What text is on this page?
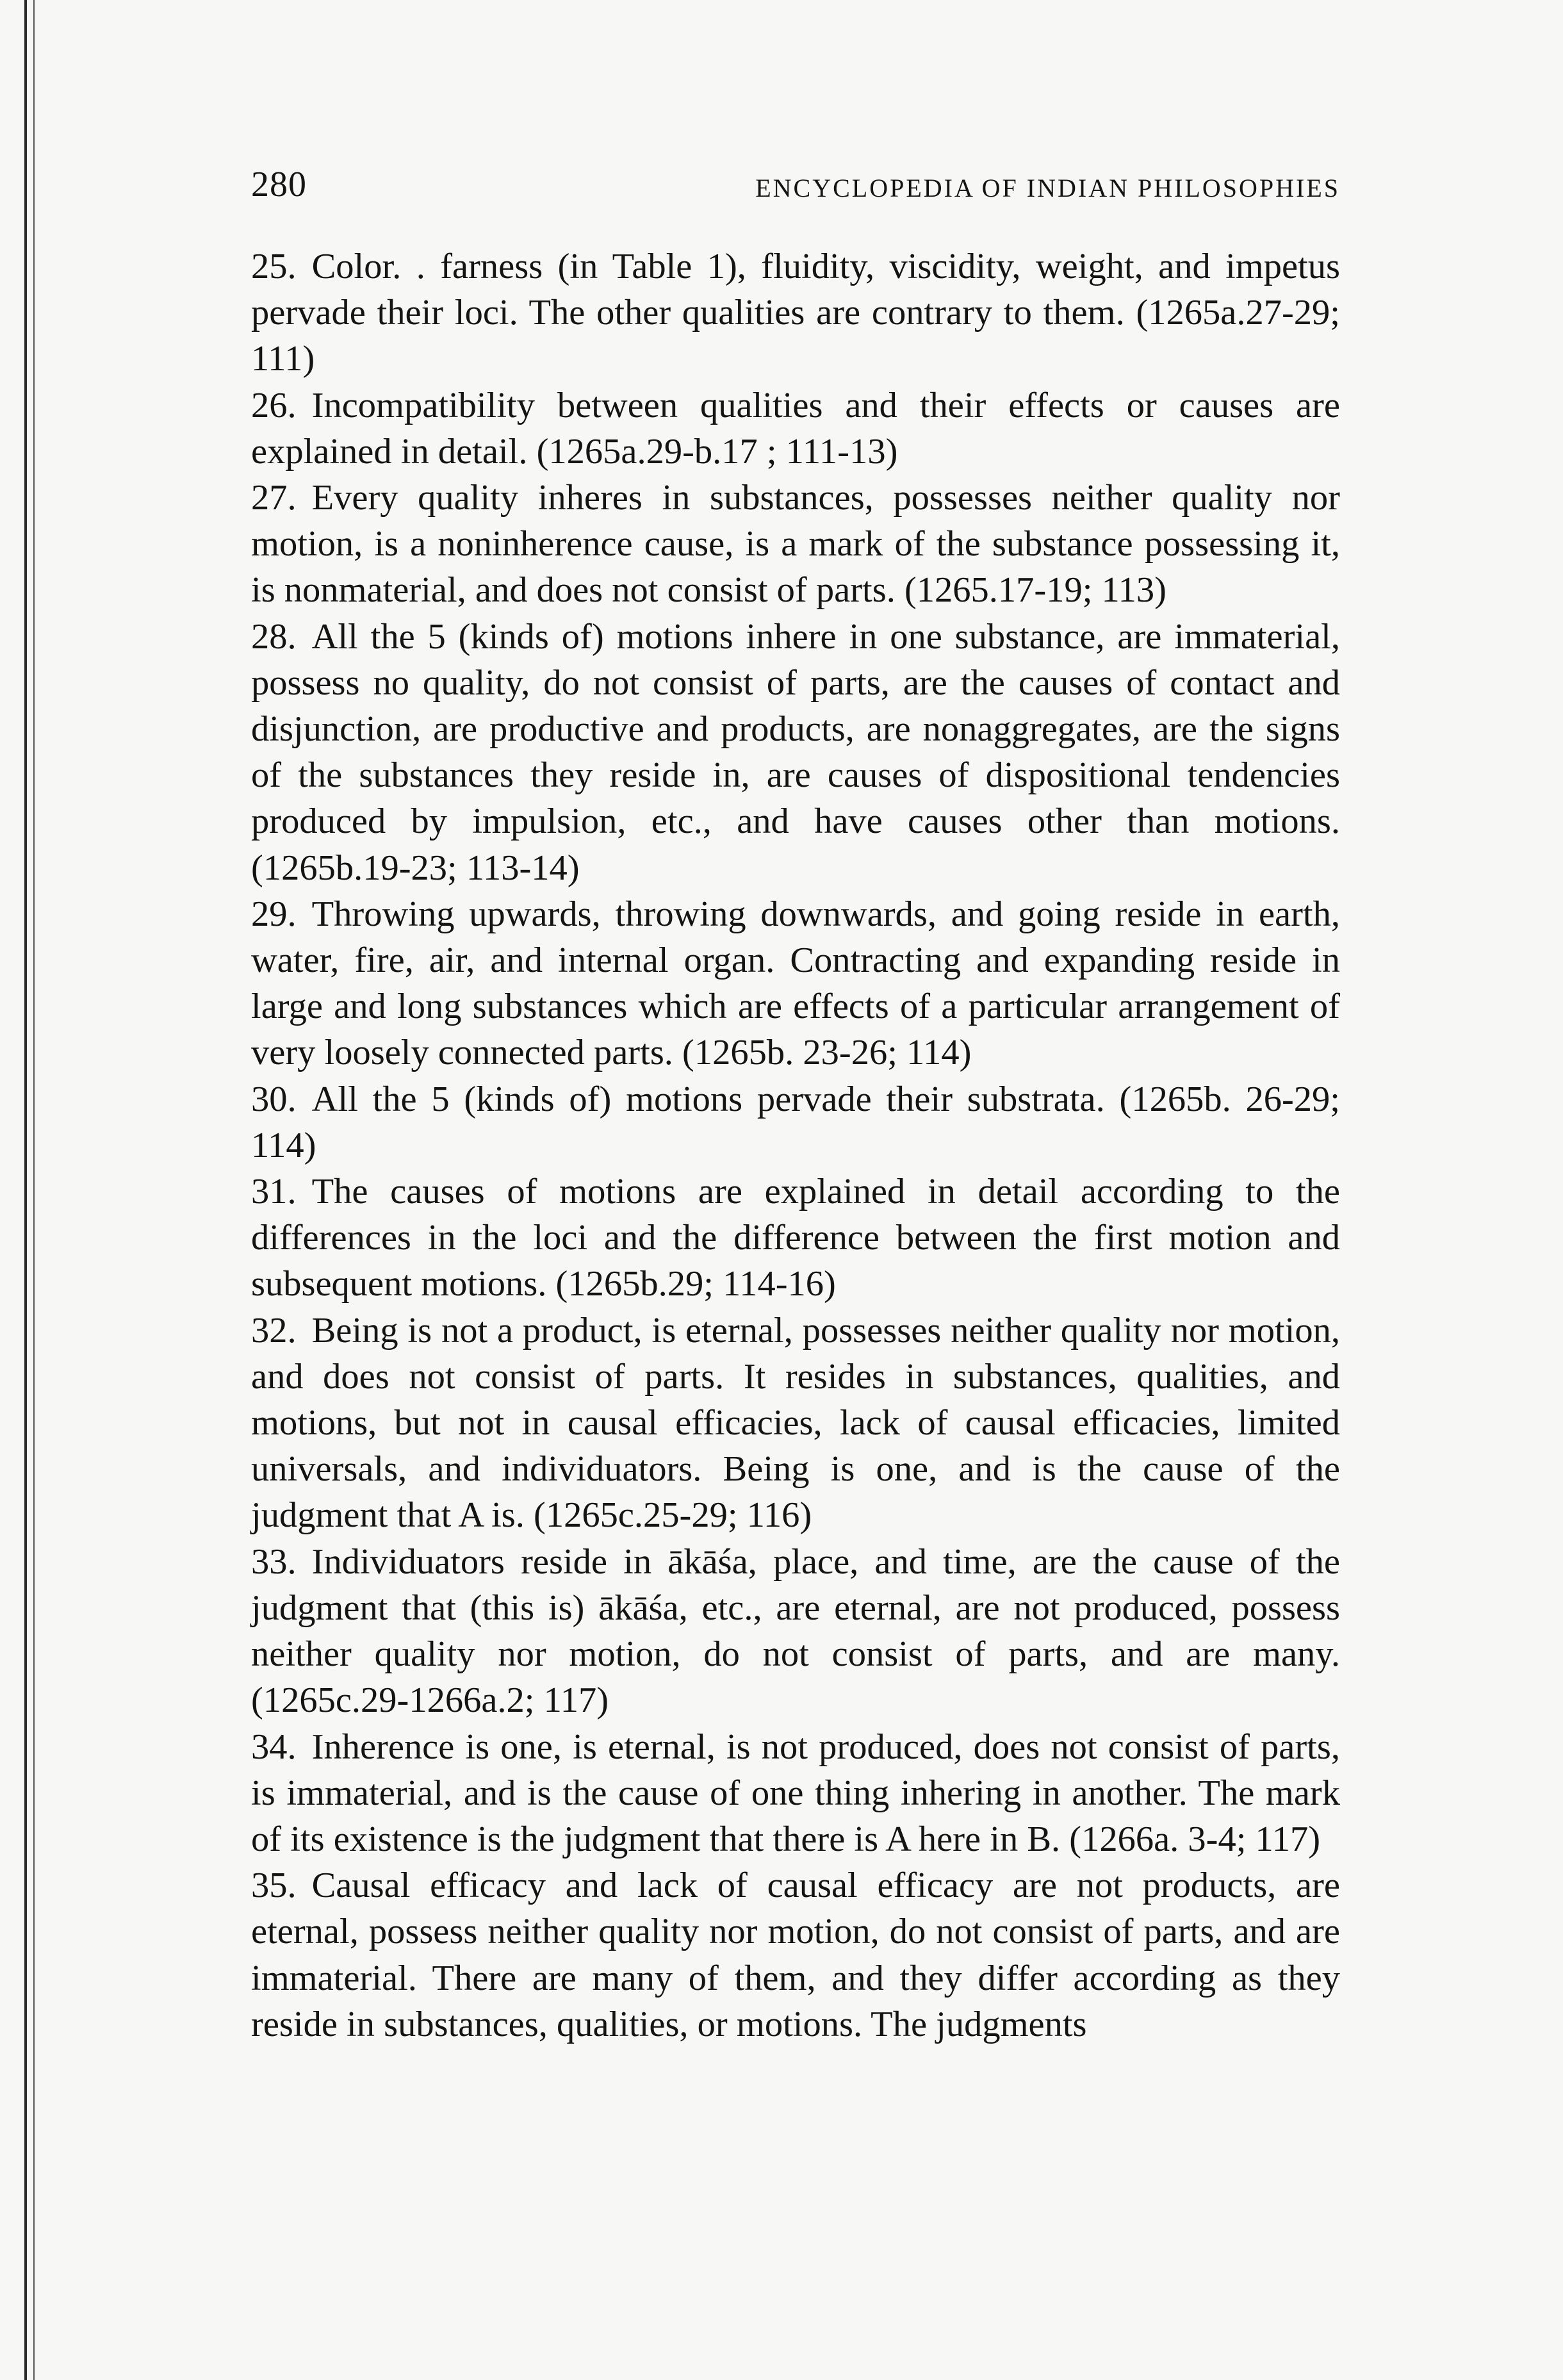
280	ENCYCLOPEDIA OF INDIAN PHILOSOPHIES

25. Color. . farness (in Table 1), fluidity, viscidity, weight, and impetus pervade their loci. The other qualities are contrary to them. (1265a.27-29; 111)

26. Incompatibility between qualities and their effects or causes are explained in detail. (1265a.29-b.17 ; 111-13)

27. Every quality inheres in substances, possesses neither quality nor motion, is a noninherence cause, is a mark of the substance possessing it, is nonmaterial, and does not consist of parts. (1265.17-19; 113)

28. All the 5 (kinds of) motions inhere in one substance, are immaterial, possess no quality, do not consist of parts, are the causes of contact and disjunction, are productive and products, are nonaggregates, are the signs of the substances they reside in, are causes of dispositional tendencies produced by impulsion, etc., and have causes other than motions. (1265b.19-23; 113-14)

29. Throwing upwards, throwing downwards, and going reside in earth, water, fire, air, and internal organ. Contracting and expanding reside in large and long substances which are effects of a particular arrangement of very loosely connected parts. (1265b. 23-26; 114)

30. All the 5 (kinds of) motions pervade their substrata. (1265b. 26-29; 114)

31. The causes of motions are explained in detail according to the differences in the loci and the difference between the first motion and subsequent motions. (1265b.29; 114-16)

32. Being is not a product, is eternal, possesses neither quality nor motion, and does not consist of parts. It resides in substances, qualities, and motions, but not in causal efficacies, lack of causal efficacies, limited universals, and individuators. Being is one, and is the cause of the judgment that A is. (1265c.25-29; 116)

33. Individuators reside in ākāśa, place, and time, are the cause of the judgment that (this is) ākāśa, etc., are eternal, are not produced, possess neither quality nor motion, do not consist of parts, and are many. (1265c.29-1266a.2; 117)

34. Inherence is one, is eternal, is not produced, does not consist of parts, is immaterial, and is the cause of one thing inhering in another. The mark of its existence is the judgment that there is A here in B. (1266a. 3-4; 117)

35. Causal efficacy and lack of causal efficacy are not products, are eternal, possess neither quality nor motion, do not consist of parts, and are immaterial. There are many of them, and they differ according as they reside in substances, qualities, or motions. The judgments
